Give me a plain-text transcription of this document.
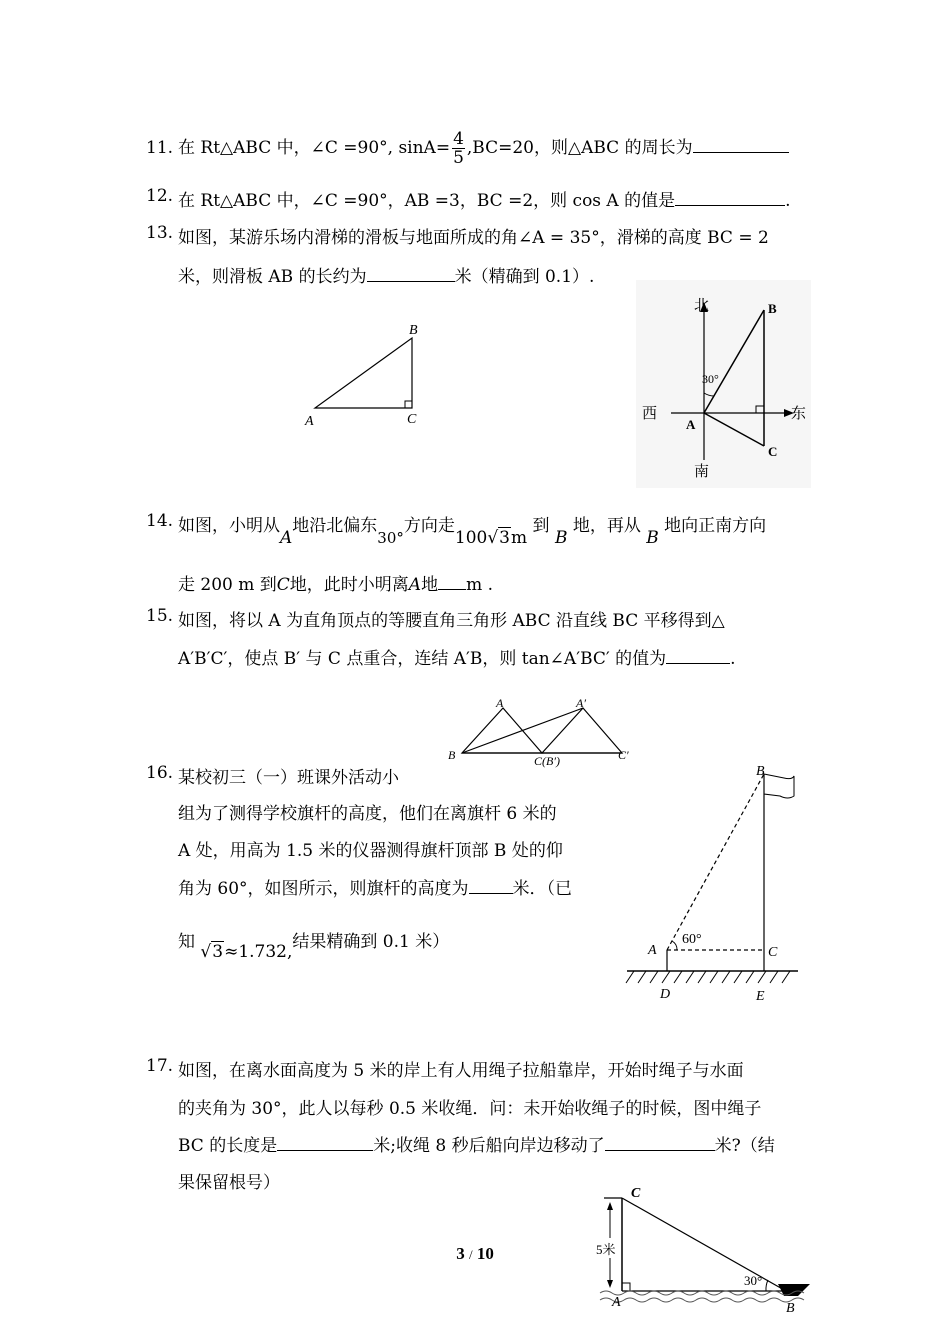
11. 在 Rt△ABC 中，∠C =90°, $\sin A= \frac{4}{5} ,BC=20$，则△ABC 的周长为
12. 在 Rt△ABC 中，∠C =90°，AB =3，BC =2，则 cos A 的值是	.
13. 如图，某游乐场内滑梯的滑板与地面所成的角∠A = 35°，滑梯的高度 BC = 2
米，则滑板 AB 的长约为	米（精确到 0.1）.
A	C
B
北
南
西	东
A
B
C
30°
14. 如图，小明从A地沿北偏东30°方向走100√3m 到 B 地，再从 B 地向正南方向
走 200 m 到C地，此时小明离A地 m .
15. 如图，将以 A 为直角顶点的等腰直角三角形 ABC 沿直线 BC 平移得到△
A′B′C′，使点 B′ 与 C 点重合，连结 A′B，则 tan∠A′BC′ 的值为	.
A	A′
B	C(B′)	C′
16. 某校初三（一）班课外活动小
组为了测得学校旗杆的高度，他们在离旗杆 6 米的
A 处，用高为 1.5 米的仪器测得旗杆顶部 B 处的仰
角为 60°，如图所示，则旗杆的高度为	米．（已
知 √3≈1.732,结果精确到 0.1 米）
B
A	C
D	E
60°
17. 如图，在离水面高度为 5 米的岸上有人用绳子拉船靠岸，开始时绳子与水面
的夹角为 30°，此人以每秒 0.5 米收绳．问：未开始收绳子的时候，图中绳子
BC 的长度是	米;收绳 8 秒后船向岸边移动了	米?（结
果保留根号）
C
A	B
5米
30°
3 / 10
